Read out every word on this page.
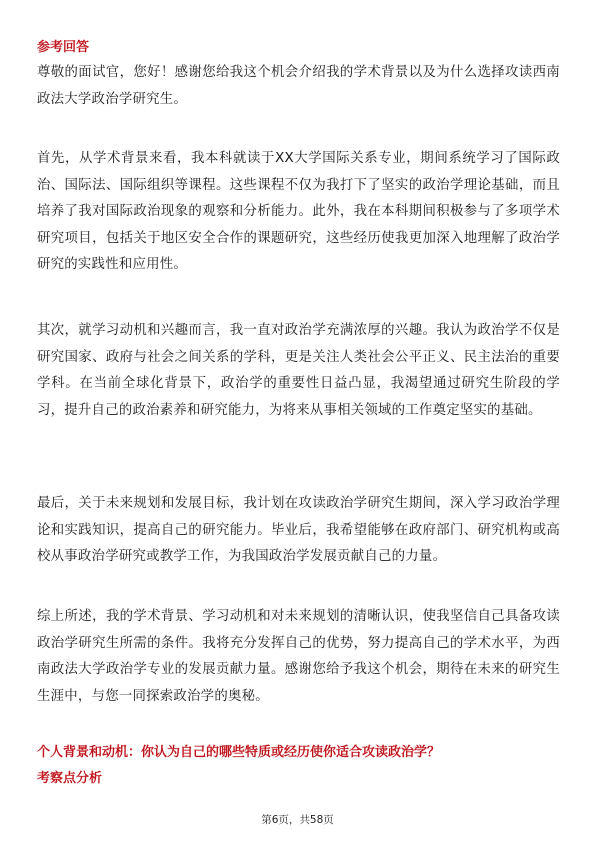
参考回答
尊敬的面试官，您好！感谢您给我这个机会介绍我的学术背景以及为什么选择攻读西南政法大学政治学研究生。
首先，从学术背景来看，我本科就读于XX大学国际关系专业，期间系统学习了国际政治、国际法、国际组织等课程。这些课程不仅为我打下了坚实的政治学理论基础，而且培养了我对国际政治现象的观察和分析能力。此外，我在本科期间积极参与了多项学术研究项目，包括关于地区安全合作的课题研究，这些经历使我更加深入地理解了政治学研究的实践性和应用性。
其次，就学习动机和兴趣而言，我一直对政治学充满浓厚的兴趣。我认为政治学不仅是研究国家、政府与社会之间关系的学科，更是关注人类社会公平正义、民主法治的重要学科。在当前全球化背景下，政治学的重要性日益凸显，我渴望通过研究生阶段的学习，提升自己的政治素养和研究能力，为将来从事相关领域的工作奠定坚实的基础。
最后，关于未来规划和发展目标，我计划在攻读政治学研究生期间，深入学习政治学理论和实践知识，提高自己的研究能力。毕业后，我希望能够在政府部门、研究机构或高校从事政治学研究或教学工作，为我国政治学发展贡献自己的力量。
综上所述，我的学术背景、学习动机和对未来规划的清晰认识，使我坚信自己具备攻读政治学研究生所需的条件。我将充分发挥自己的优势，努力提高自己的学术水平，为西南政法大学政治学专业的发展贡献力量。感谢您给予我这个机会，期待在未来的研究生生涯中，与您一同探索政治学的奥秘。
个人背景和动机：你认为自己的哪些特质或经历使你适合攻读政治学？
考察点分析
第6页，共58页
